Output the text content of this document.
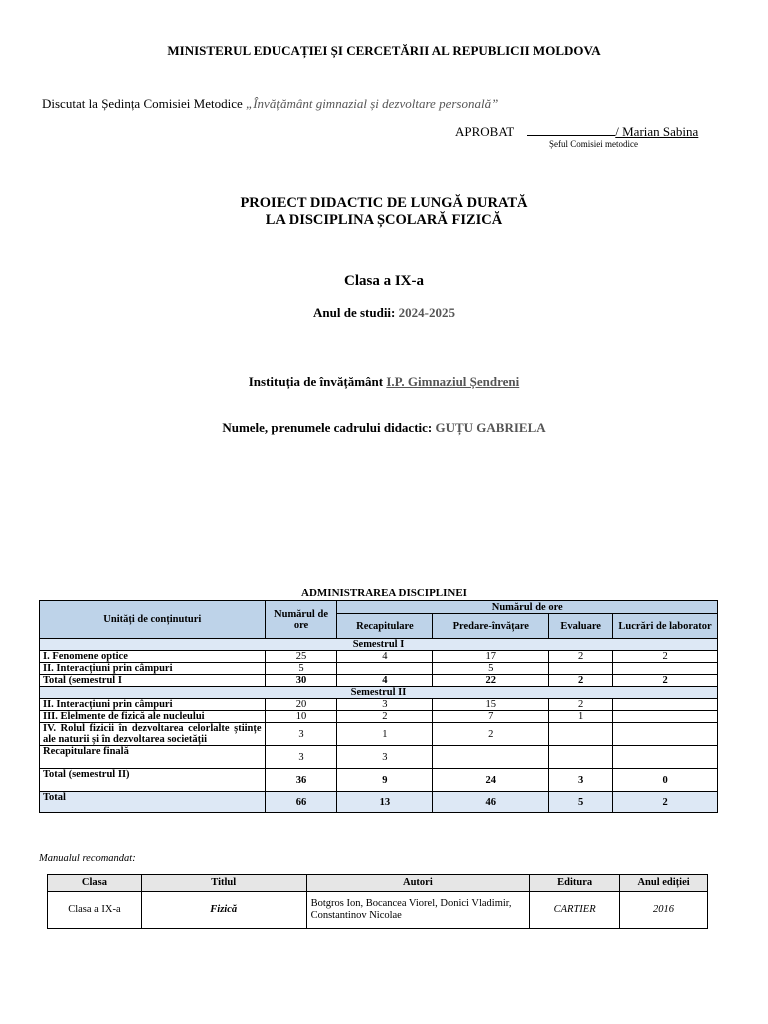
MINISTERUL EDUCAȚIEI ȘI CERCETĂRII AL REPUBLICII MOLDOVA
Discutat la Ședința Comisiei Metodice „Învățământ gimnazial și dezvoltare personală”
APROBAT	/ Marian Sabina
Șeful Comisiei metodice
PROIECT DIDACTIC DE LUNGĂ DURATĂ
LA DISCIPLINA ȘCOLARĂ FIZICĂ
Clasa a IX-a
Anul de studii: 2024-2025
Instituția de învățământ I.P. Gimnaziul Șendreni
Numele, prenumele cadrului didactic: GUȚU GABRIELA
ADMINISTRAREA DISCIPLINEI
Unități de conținuturi	Numărul de ore	Numărul de ore			
		Recapitulare	Predare-învățare	Evaluare	Lucrări de laborator
Semestrul I					
I. Fenomene optice	25	4	17	2	2
II. Interacțiuni prin câmpuri	5		5		
Total (semestrul I	30	4	22	2	2
Semestrul II					
II. Interacțiuni prin câmpuri	20	3	15	2	
III. Elelmente de fizică ale nucleului	10	2	7	1	
IV. Rolul fizicii în dezvoltarea celorlalte științe ale naturii și în dezvoltarea societății	3	1	2		
Recapitulare finală	3	3			
Total (semestrul II)	36	9	24	3	0
Total	66	13	46	5	2
Manualul recomandat:
Clasa	Titlul	Autori	Editura	Anul ediției
Clasa a IX-a	Fizică	Botgros Ion, Bocancea Viorel, Donici Vladimir, Constantinov Nicolae	CARTIER	2016
